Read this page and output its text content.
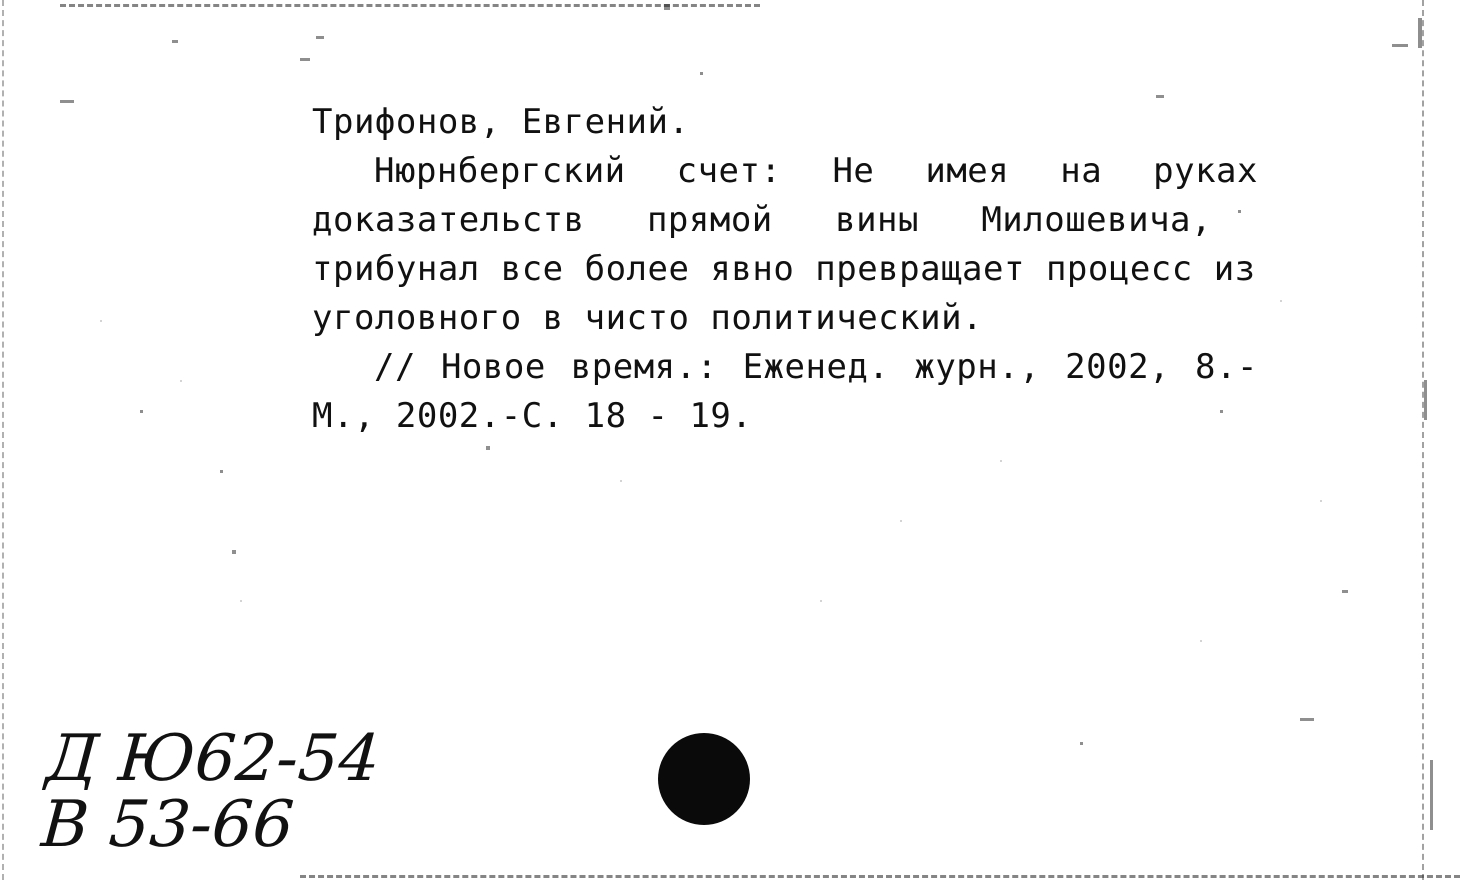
Трифонов, Евгений.
Нюрнбергский счет: Не имея на руках
доказательств прямой вины Милошевича,
трибунал все более явно превращает процесс из
уголовного в чисто политический.
// Новое время.: Еженед. журн., 2002, 8.-
М., 2002.-С. 18 - 19.
Д Ю62-54
В 53-66
